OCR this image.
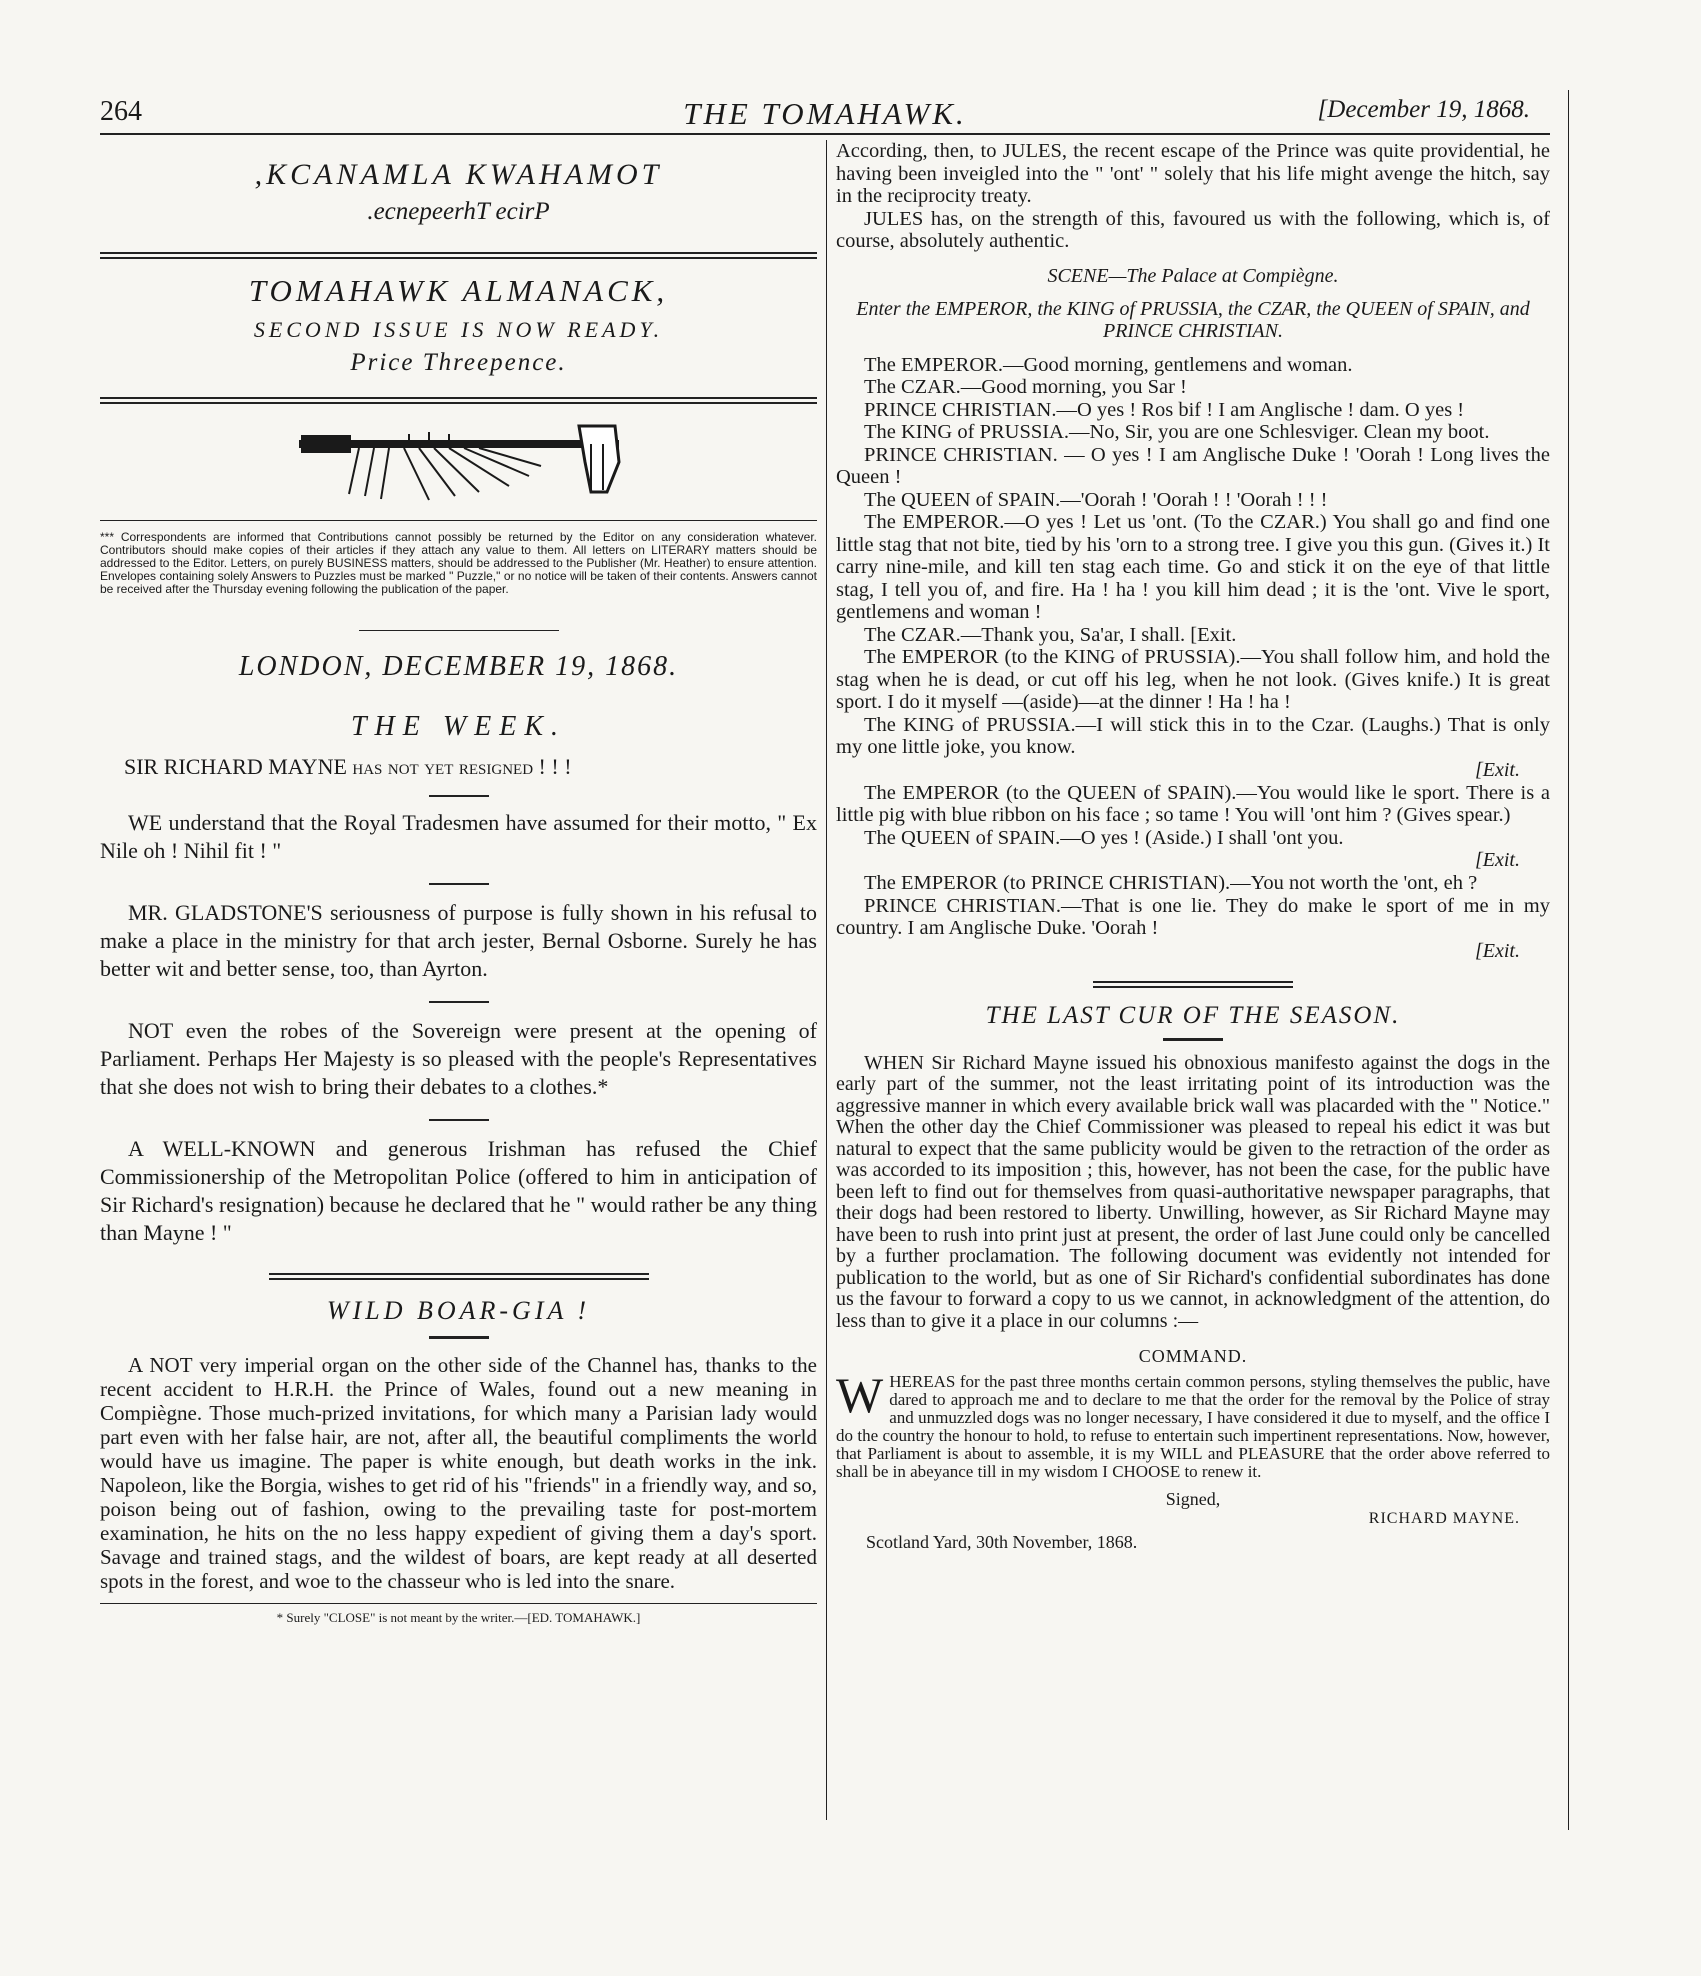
264	THE TOMAHAWK.	[December 19, 1868.
,KCANAMLA KWAHAMOT
.ecnepeerhT ecirP
TOMAHAWK ALMANACK,
SECOND ISSUE IS NOW READY.
Price Threepence.

*** Correspondents are informed that Contributions cannot possibly be returned by the Editor on any consideration whatever. Contributors should make copies of their articles if they attach any value to them. All letters on LITERARY matters should be addressed to the Editor. Letters, on purely BUSINESS matters, should be addressed to the Publisher (Mr. Heather) to ensure attention. Envelopes containing solely Answers to Puzzles must be marked " Puzzle," or no notice will be taken of their contents. Answers cannot be received after the Thursday evening following the publication of the paper.

LONDON, DECEMBER 19, 1868.
THE WEEK.

SIR RICHARD MAYNE has not yet resigned ! ! !

WE understand that the Royal Tradesmen have assumed for their motto, " Ex Nile oh ! Nihil fit ! "

MR. GLADSTONE'S seriousness of purpose is fully shown in his refusal to make a place in the ministry for that arch jester, Bernal Osborne. Surely he has better wit and better sense, too, than Ayrton.

NOT even the robes of the Sovereign were present at the opening of Parliament. Perhaps Her Majesty is so pleased with the people's Representatives that she does not wish to bring their debates to a clothes.*

A WELL-KNOWN and generous Irishman has refused the Chief Commissionership of the Metropolitan Police (offered to him in anticipation of Sir Richard's resignation) because he declared that he " would rather be any thing than Mayne ! "

WILD BOAR-GIA !

A NOT very imperial organ on the other side of the Channel has, thanks to the recent accident to H.R.H. the Prince of Wales, found out a new meaning in Compiègne. Those much-prized invitations, for which many a Parisian lady would part even with her false hair, are not, after all, the beautiful compliments the world would have us imagine. The paper is white enough, but death works in the ink. Napoleon, like the Borgia, wishes to get rid of his "friends" in a friendly way, and so, poison being out of fashion, owing to the prevailing taste for post-mortem examination, he hits on the no less happy expedient of giving them a day's sport. Savage and trained stags, and the wildest of boars, are kept ready at all deserted spots in the forest, and woe to the chasseur who is led into the snare.

* Surely "CLOSE" is not meant by the writer.—[ED. TOMAHAWK.]

According, then, to JULES, the recent escape of the Prince was quite providential, he having been inveigled into the " 'ont' " solely that his life might avenge the hitch, say in the reciprocity treaty.

JULES has, on the strength of this, favoured us with the following, which is, of course, absolutely authentic.

SCENE—The Palace at Compiègne.

Enter the EMPEROR, the KING of PRUSSIA, the CZAR, the QUEEN of SPAIN, and PRINCE CHRISTIAN.

The EMPEROR.—Good morning, gentlemens and woman.

The CZAR.—Good morning, you Sar !

PRINCE CHRISTIAN.—O yes ! Ros bif ! I am Anglische ! dam. O yes !

The KING of PRUSSIA.—No, Sir, you are one Schlesviger. Clean my boot.

PRINCE CHRISTIAN. — O yes ! I am Anglische Duke ! 'Oorah ! Long lives the Queen !

The QUEEN of SPAIN.—'Oorah ! 'Oorah ! ! 'Oorah ! ! !

The EMPEROR.—O yes ! Let us 'ont. (To the CZAR.) You shall go and find one little stag that not bite, tied by his 'orn to a strong tree. I give you this gun. (Gives it.) It carry nine-mile, and kill ten stag each time. Go and stick it on the eye of that little stag, I tell you of, and fire. Ha ! ha ! you kill him dead ; it is the 'ont. Vive le sport, gentlemens and woman !

The CZAR.—Thank you, Sa'ar, I shall. [Exit.

The EMPEROR (to the KING of PRUSSIA).—You shall follow him, and hold the stag when he is dead, or cut off his leg, when he not look. (Gives knife.) It is great sport. I do it myself —(aside)—at the dinner ! Ha ! ha !

The KING of PRUSSIA.—I will stick this in to the Czar. (Laughs.) That is only my one little joke, you know.

[Exit.

The EMPEROR (to the QUEEN of SPAIN).—You would like le sport. There is a little pig with blue ribbon on his face ; so tame ! You will 'ont him ? (Gives spear.)

The QUEEN of SPAIN.—O yes ! (Aside.) I shall 'ont you.

[Exit.

The EMPEROR (to PRINCE CHRISTIAN).—You not worth the 'ont, eh ?

PRINCE CHRISTIAN.—That is one lie. They do make le sport of me in my country. I am Anglische Duke. 'Oorah !

[Exit.

THE LAST CUR OF THE SEASON.

WHEN Sir Richard Mayne issued his obnoxious manifesto against the dogs in the early part of the summer, not the least irritating point of its introduction was the aggressive manner in which every available brick wall was placarded with the " Notice." When the other day the Chief Commissioner was pleased to repeal his edict it was but natural to expect that the same publicity would be given to the retraction of the order as was accorded to its imposition ; this, however, has not been the case, for the public have been left to find out for themselves from quasi-authoritative newspaper paragraphs, that their dogs had been restored to liberty. Unwilling, however, as Sir Richard Mayne may have been to rush into print just at present, the order of last June could only be cancelled by a further proclamation. The following document was evidently not intended for publication to the world, but as one of Sir Richard's confidential subordinates has done us the favour to forward a copy to us we cannot, in acknowledgment of the attention, do less than to give it a place in our columns :—

COMMAND.
W HEREAS for the past three months certain common persons, styling themselves the public, have dared to approach me and to declare to me that the order for the removal by the Police of stray and unmuzzled dogs was no longer necessary, I have considered it due to myself, and the office I do the country the honour to hold, to refuse to entertain such impertinent representations. Now, however, that Parliament is about to assemble, it is my WILL and PLEASURE that the order above referred to shall be in abeyance till in my wisdom I CHOOSE to renew it.

Signed,

RICHARD MAYNE.

Scotland Yard, 30th November, 1868.
